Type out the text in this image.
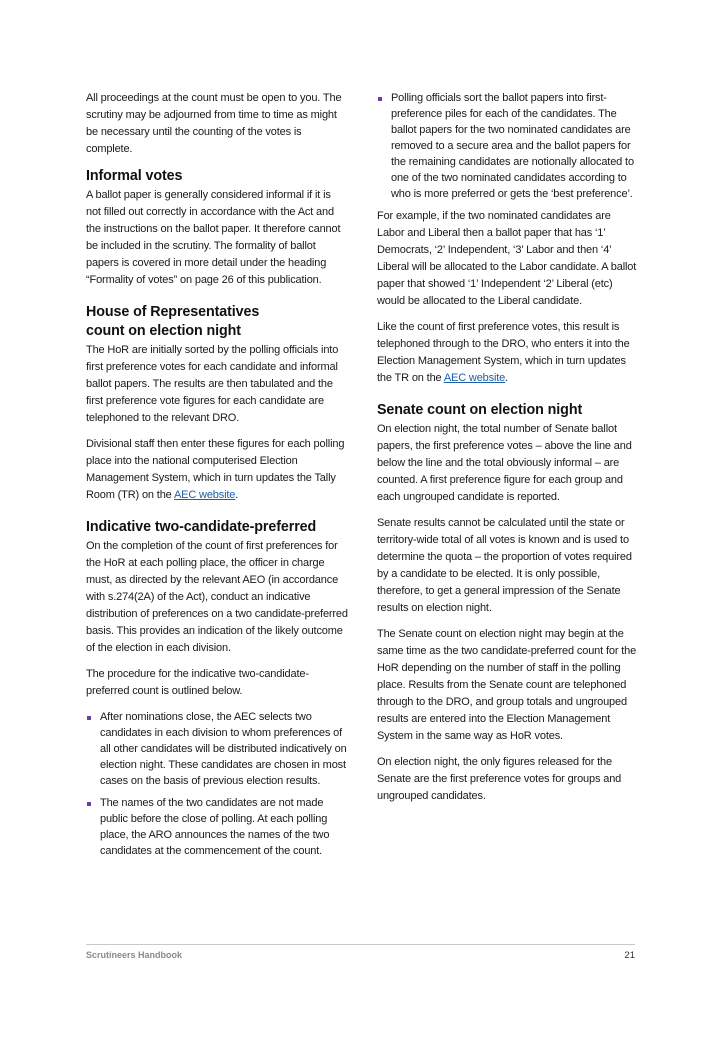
All proceedings at the count must be open to you. The scrutiny may be adjourned from time to time as might be necessary until the counting of the votes is complete.

Informal votes

A ballot paper is generally considered informal if it is not filled out correctly in accordance with the Act and the instructions on the ballot paper. It therefore cannot be included in the scrutiny. The formality of ballot papers is covered in more detail under the heading “Formality of votes” on page 26 of this publication.

House of Representatives
count on election night

The HoR are initially sorted by the polling officials into first preference votes for each candidate and informal ballot papers. The results are then tabulated and the first preference vote figures for each candidate are telephoned to the relevant DRO.

Divisional staff then enter these figures for each polling place into the national computerised Election Management System, which in turn updates the Tally Room (TR) on the AEC website.

Indicative two-candidate-preferred

On the completion of the count of first preferences for the HoR at each polling place, the officer in charge must, as directed by the relevant AEO (in accordance with s.274(2A) of the Act), conduct an indicative distribution of preferences on a two candidate-preferred basis. This provides an indication of the likely outcome of the election in each division.

The procedure for the indicative two-candidate-preferred count is outlined below.

After nominations close, the AEC selects two candidates in each division to whom preferences of all other candidates will be distributed indicatively on election night. These candidates are chosen in most cases on the basis of previous election results.
The names of the two candidates are not made public before the close of polling. At each polling place, the ARO announces the names of the two candidates at the commencement of the count.
Polling officials sort the ballot papers into first-preference piles for each of the candidates. The ballot papers for the two nominated candidates are removed to a secure area and the ballot papers for the remaining candidates are notionally allocated to one of the two nominated candidates according to who is more preferred or gets the ‘best preference’.

For example, if the two nominated candidates are Labor and Liberal then a ballot paper that has ‘1’ Democrats, ‘2’ Independent, ‘3’ Labor and then ‘4’ Liberal will be allocated to the Labor candidate. A ballot paper that showed ‘1’ Independent ‘2’ Liberal (etc) would be allocated to the Liberal candidate.

Like the count of first preference votes, this result is telephoned through to the DRO, who enters it into the Election Management System, which in turn updates the TR on the AEC website.

Senate count on election night

On election night, the total number of Senate ballot papers, the first preference votes – above the line and below the line and the total obviously informal – are counted. A first preference figure for each group and each ungrouped candidate is reported.

Senate results cannot be calculated until the state or territory-wide total of all votes is known and is used to determine the quota – the proportion of votes required by a candidate to be elected. It is only possible, therefore, to get a general impression of the Senate results on election night.

The Senate count on election night may begin at the same time as the two candidate-preferred count for the HoR depending on the number of staff in the polling place. Results from the Senate count are telephoned through to the DRO, and group totals and ungrouped results are entered into the Election Management System in the same way as HoR votes.

On election night, the only figures released for the Senate are the first preference votes for groups and ungrouped candidates.

Scrutineers Handbook	21
